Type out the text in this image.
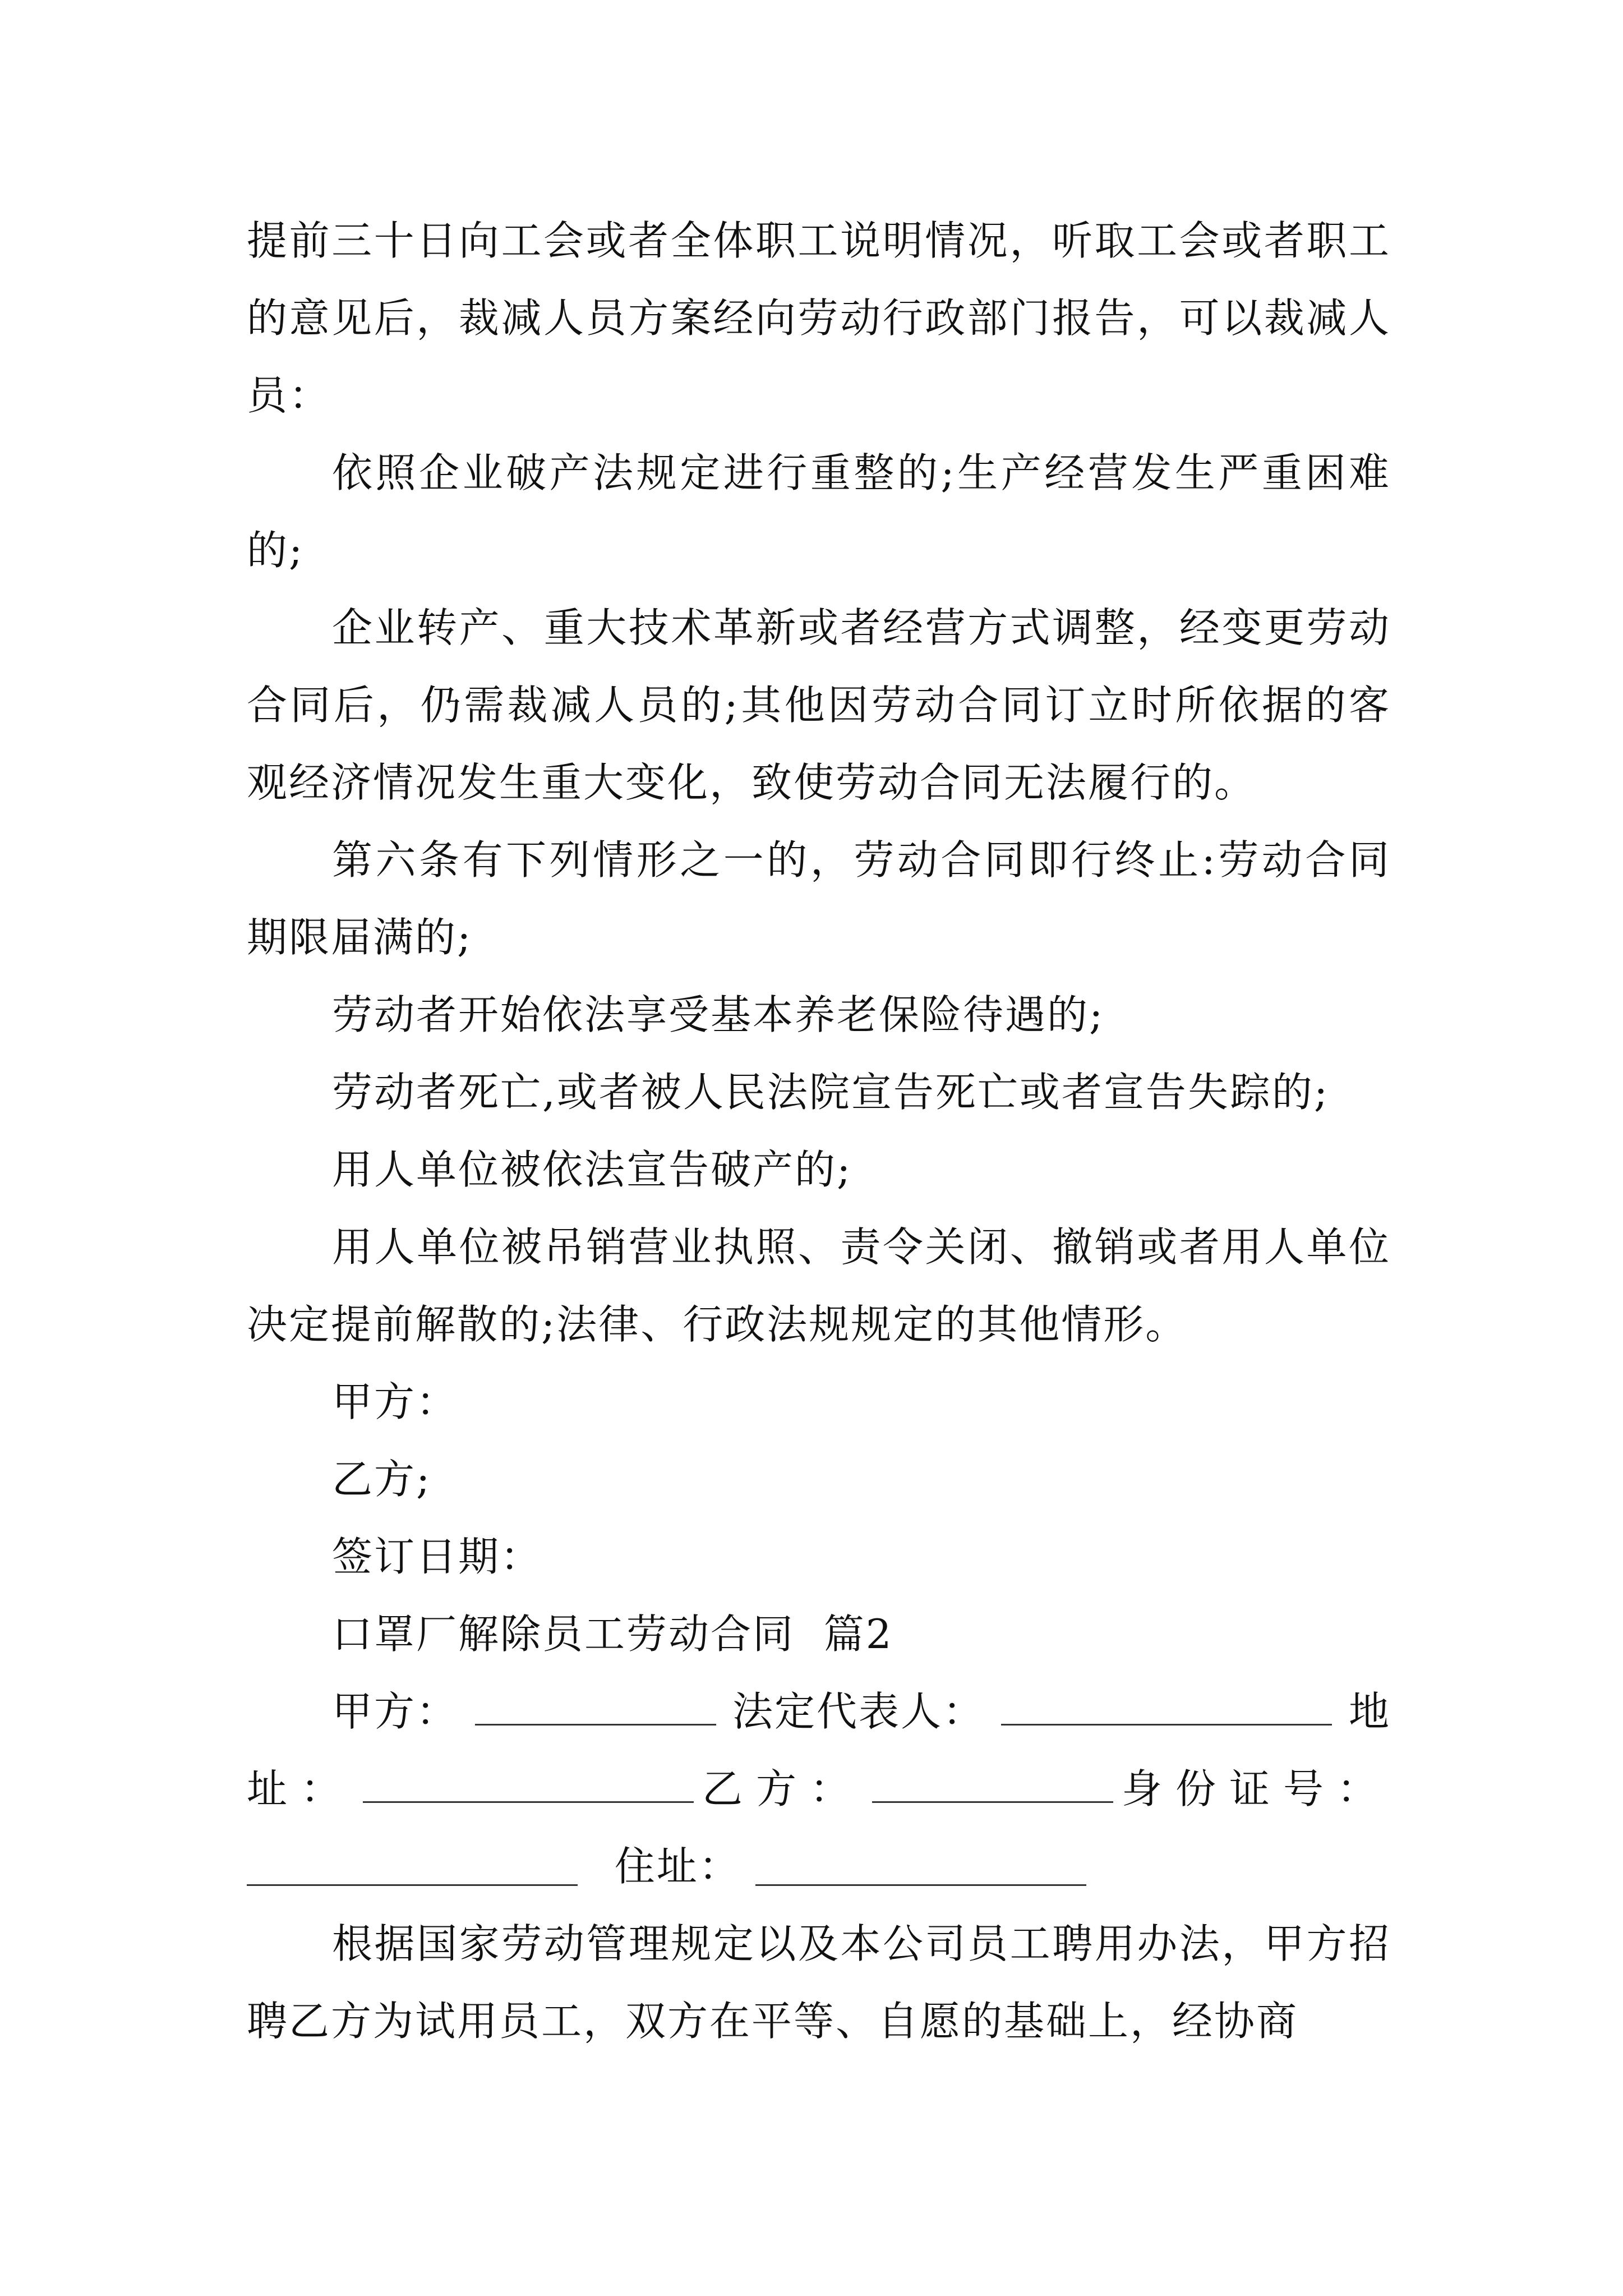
提前三十日向工会或者全体职工说明情况，听取工会或者职工的意见后，裁减人员方案经向劳动行政部门报告，可以裁减人员：

依照企业破产法规定进行重整的;生产经营发生严重困难的;

企业转产、重大技术革新或者经营方式调整，经变更劳动合同后，仍需裁减人员的;其他因劳动合同订立时所依据的客观经济情况发生重大变化，致使劳动合同无法履行的。

第六条有下列情形之一的，劳动合同即行终止:劳动合同期限届满的;

劳动者开始依法享受基本养老保险待遇的;

劳动者死亡,或者被人民法院宣告死亡或者宣告失踪的;

用人单位被依法宣告破产的;

用人单位被吊销营业执照、责令关闭、撤销或者用人单位决定提前解散的;法律、行政法规规定的其他情形。

甲方：

乙方;

签订日期：

口罩厂解除员工劳动合同  篇2

甲方：	法定代表人：	地
址：	乙方：	身份证号：
住址：

根据国家劳动管理规定以及本公司员工聘用办法，甲方招聘乙方为试用员工，双方在平等、自愿的基础上，经协商
